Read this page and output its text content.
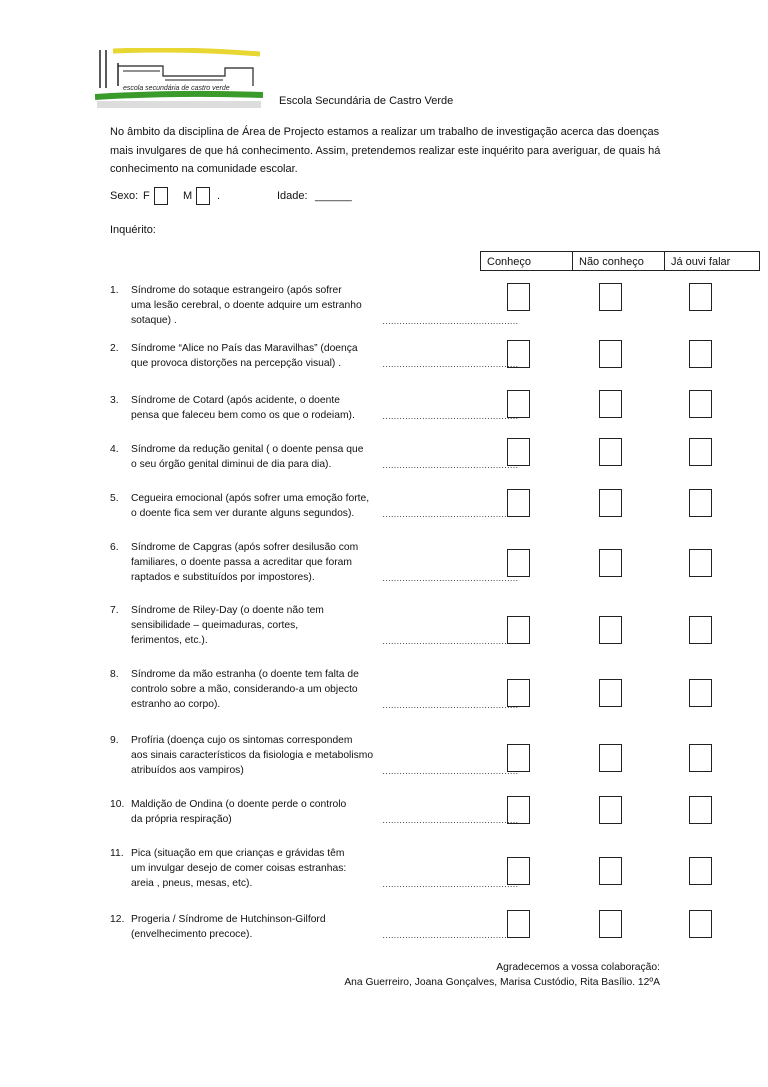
escola secundária de castro verde
Escola Secundária de Castro Verde
No âmbito da disciplina de Área de Projecto estamos a realizar um trabalho de investigação acerca das doenças mais invulgares de que há conhecimento. Assim, pretendemos realizar este inquérito para averiguar, de quais há conhecimento na comunidade escolar.
Sexo: F	M .	Idade: ______
Inquérito:
Conheço	Não conheço	Já ouvi falar
1. Síndrome do sotaque estrangeiro (após sofrer
uma lesão cerebral, o doente adquire um estranho
sotaque) .	…………………………………………
2. Síndrome “Alice no País das Maravilhas” (doença
que provoca distorções na percepção visual) .	…………………………………………
3. Síndrome de Cotard (após acidente, o doente
pensa que faleceu bem como os que o rodeiam).	…………………………………………
4. Síndrome da redução genital ( o doente pensa que
o seu órgão genital diminui de dia para dia).	…………………………………………
5. Cegueira emocional (após sofrer uma emoção forte,
o doente fica sem ver durante alguns segundos).	…………………………………………
6. Síndrome de Capgras (após sofrer desilusão com
familiares, o doente passa a acreditar que foram
raptados e substituídos por impostores).	…………………………………………
7. Síndrome de Riley-Day (o doente não tem
sensibilidade – queimaduras, cortes,
ferimentos, etc.).	…………………………………………
8. Síndrome da mão estranha (o doente tem falta de
controlo sobre a mão, considerando-a um objecto
estranho ao corpo).	…………………………………………
9. Profíria (doença cujo os sintomas correspondem
aos sinais característicos da fisiologia e metabolismo
atribuídos aos vampiros)	…………………………………………
10. Maldição de Ondina (o doente perde o controlo
da própria respiração)	…………………………………………
11. Pica (situação em que crianças e grávidas têm
um invulgar desejo de comer coisas estranhas:
areia , pneus, mesas, etc).	…………………………………………
12. Progeria / Síndrome de Hutchinson-Gilford
(envelhecimento precoce).	…………………………………………
Agradecemos a vossa colaboração:
Ana Guerreiro, Joana Gonçalves, Marisa Custódio, Rita Basílio. 12ºA
